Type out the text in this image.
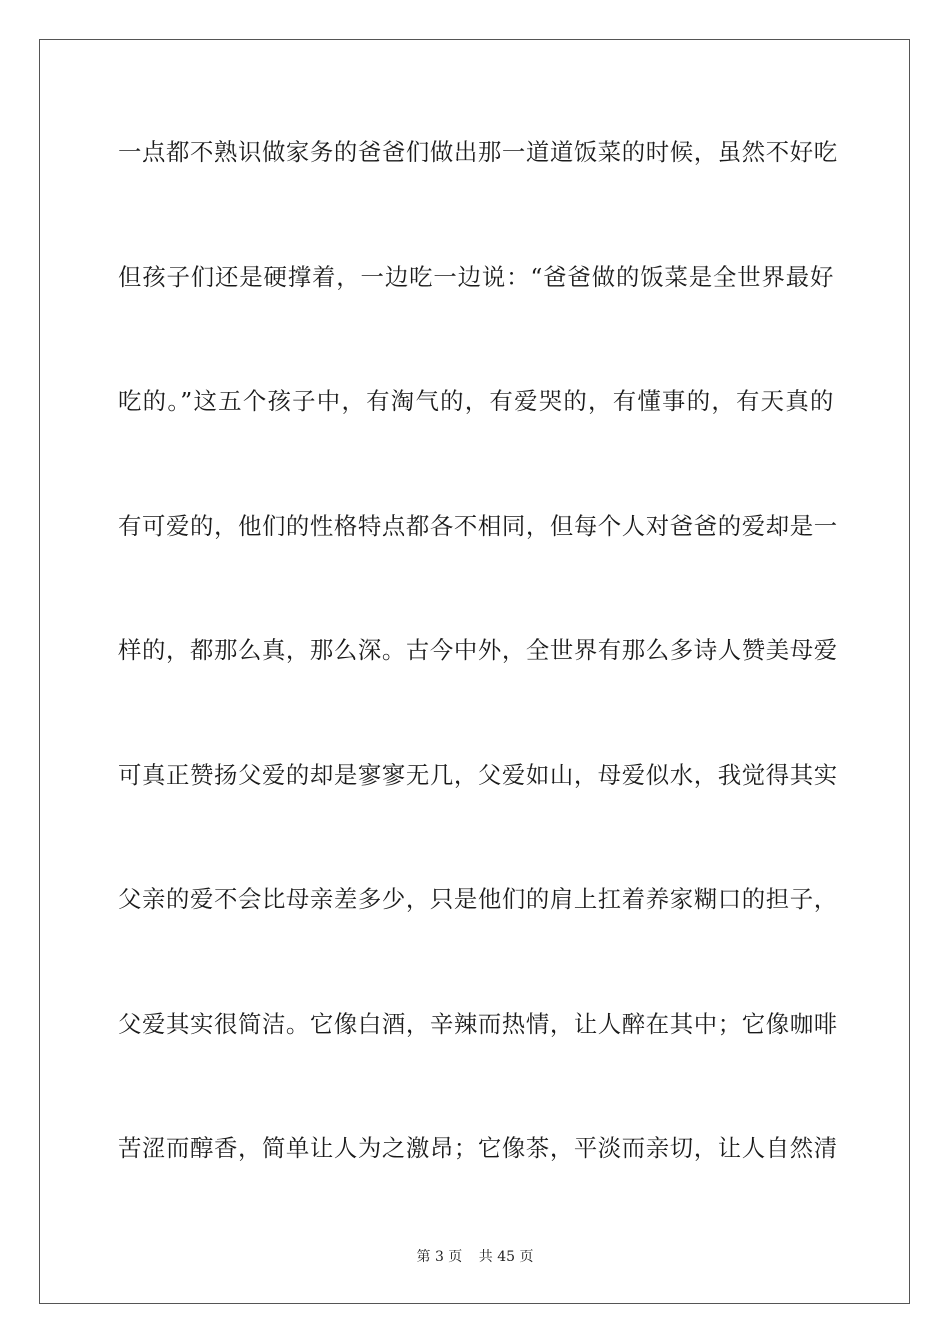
一点都不熟识做家务的爸爸们做出那一道道饭菜的时候，虽然不好吃
但孩子们还是硬撑着，一边吃一边说：“爸爸做的饭菜是全世界最好
吃的。”这五个孩子中，有淘气的，有爱哭的，有懂事的，有天真的
有可爱的，他们的性格特点都各不相同，但每个人对爸爸的爱却是一
样的，都那么真，那么深。古今中外，全世界有那么多诗人赞美母爱
可真正赞扬父爱的却是寥寥无几，父爱如山，母爱似水，我觉得其实
父亲的爱不会比母亲差多少，只是他们的肩上扛着养家糊口的担子，
父爱其实很简洁。它像白酒，辛辣而热情，让人醉在其中；它像咖啡
苦涩而醇香，简单让人为之激昂；它像茶，平淡而亲切，让人自然清
第 3 页 共 45 页
